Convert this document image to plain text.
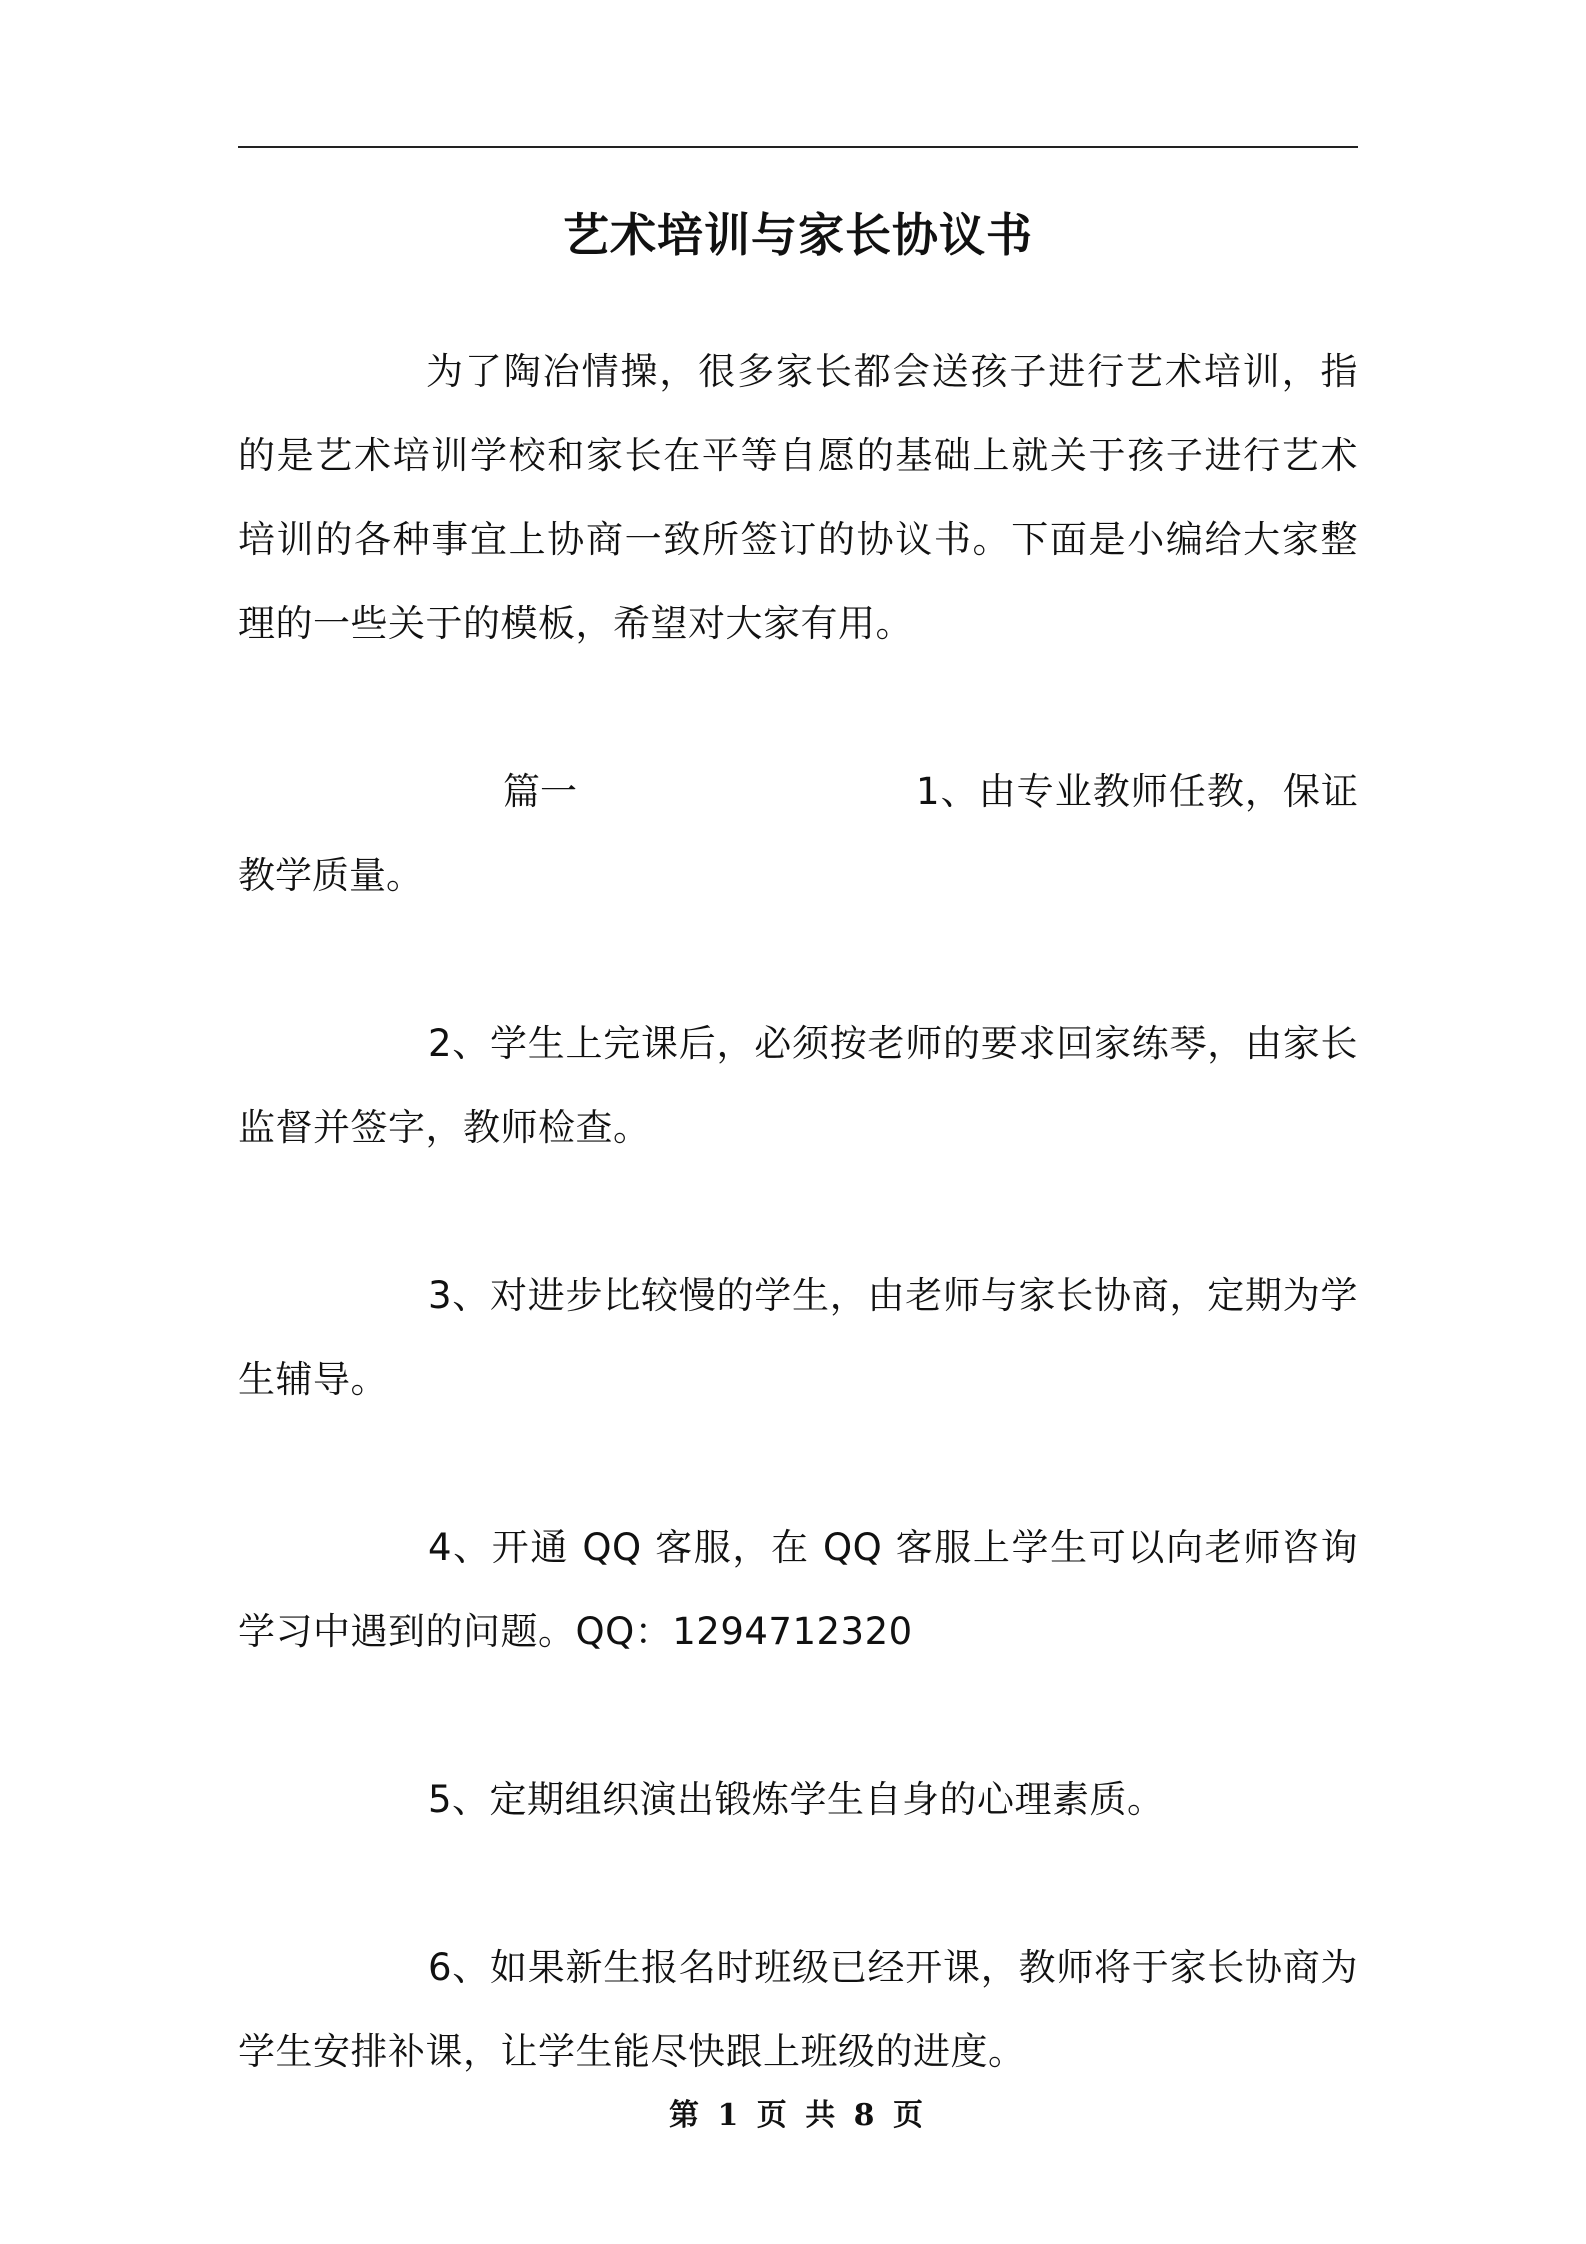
艺术培训与家长协议书

为了陶冶情操，很多家长都会送孩子进行艺术培训，指的是艺术培训学校和家长在平等自愿的基础上就关于孩子进行艺术培训的各种事宜上协商一致所签订的协议书。下面是小编给大家整理的一些关于的模板，希望对大家有用。

篇一	1、由专业教师任教，保证

教学质量。

2、学生上完课后，必须按老师的要求回家练琴，由家长监督并签字，教师检查。

3、对进步比较慢的学生，由老师与家长协商，定期为学生辅导。

4、开通 QQ 客服，在 QQ 客服上学生可以向老师咨询学习中遇到的问题。QQ：1294712320

5、定期组织演出锻炼学生自身的心理素质。

6、如果新生报名时班级已经开课，教师将于家长协商为学生安排补课，让学生能尽快跟上班级的进度。

第 1 页 共 8 页
